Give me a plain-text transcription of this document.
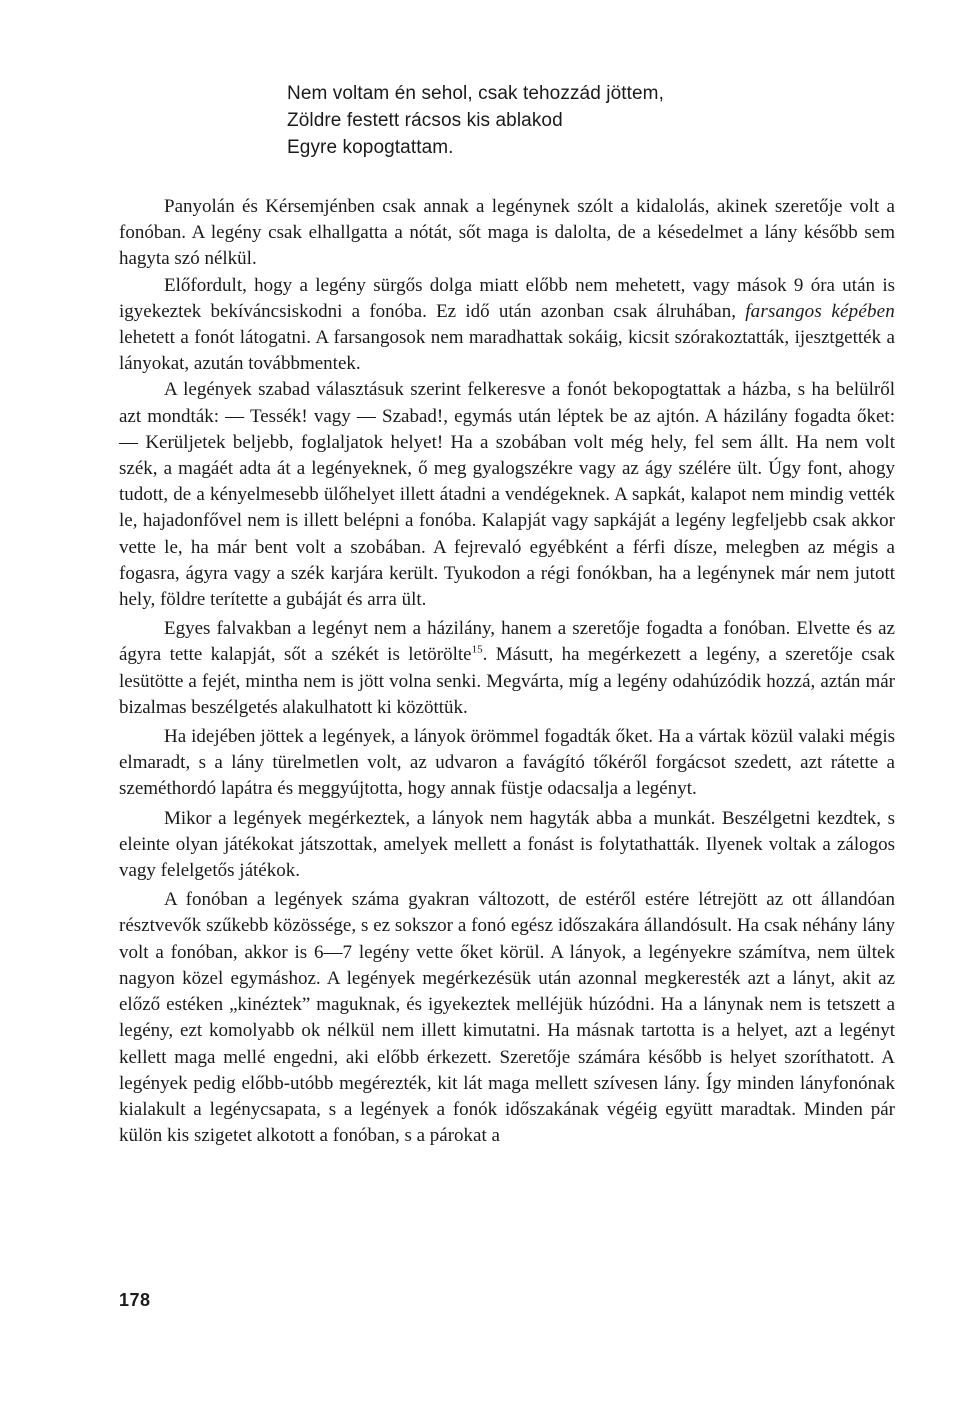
Nem voltam én sehol, csak tehozzád jöttem,
Zöldre festett rácsos kis ablakod
Egyre kopogtattam.

Panyolán és Kérsemjénben csak annak a legénynek szólt a kidalolás, akinek szeretője volt a fonóban. A legény csak elhallgatta a nótát, sőt maga is dalolta, de a késedelmet a lány később sem hagyta szó nélkül.

Előfordult, hogy a legény sürgős dolga miatt előbb nem mehetett, vagy mások 9 óra után is igyekeztek bekíváncsiskodni a fonóba. Ez idő után azonban csak álruhában, farsangos képében lehetett a fonót látogatni. A farsangosok nem maradhattak sokáig, kicsit szórakoztatták, ijesztgették a lányokat, azután továbbmentek.

A legények szabad választásuk szerint felkeresve a fonót bekopogtattak a házba, s ha belülről azt mondták: — Tessék! vagy — Szabad!, egymás után léptek be az ajtón. A házilány fogadta őket: — Kerüljetek beljebb, foglaljatok helyet! Ha a szobában volt még hely, fel sem állt. Ha nem volt szék, a magáét adta át a legényeknek, ő meg gyalogszékre vagy az ágy szélére ült. Úgy font, ahogy tudott, de a kényelmesebb ülőhelyet illett átadni a vendégeknek. A sapkát, kalapot nem mindig vették le, hajadonfővel nem is illett belépni a fonóba. Kalapját vagy sapkáját a legény legfeljebb csak akkor vette le, ha már bent volt a szobában. A fejrevaló egyébként a férfi dísze, melegben az mégis a fogasra, ágyra vagy a szék karjára került. Tyukodon a régi fonókban, ha a legénynek már nem jutott hely, földre terítette a gubáját és arra ült.

Egyes falvakban a legényt nem a házilány, hanem a szeretője fogadta a fonóban. Elvette és az ágyra tette kalapját, sőt a székét is letörölte$^{15}$. Másutt, ha megérkezett a legény, a szeretője csak lesütötte a fejét, mintha nem is jött volna senki. Megvárta, míg a legény odahúzódik hozzá, aztán már bizalmas beszélgetés alakulhatott ki közöttük.

Ha idejében jöttek a legények, a lányok örömmel fogadták őket. Ha a vártak közül valaki mégis elmaradt, s a lány türelmetlen volt, az udvaron a favágító tőkéről forgácsot szedett, azt rátette a szeméthordó lapátra és meggyújtotta, hogy annak füstje odacsalja a legényt.

Mikor a legények megérkeztek, a lányok nem hagyták abba a munkát. Beszélgetni kezdtek, s eleinte olyan játékokat játszottak, amelyek mellett a fonást is folytathatták. Ilyenek voltak a zálogos vagy felelgetős játékok.

A fonóban a legények száma gyakran változott, de estéről estére létrejött az ott állandóan résztvevők szűkebb közössége, s ez sokszor a fonó egész időszakára állandósult. Ha csak néhány lány volt a fonóban, akkor is 6—7 legény vette őket körül. A lányok, a legényekre számítva, nem ültek nagyon közel egymáshoz. A legények megérkezésük után azonnal megkeresték azt a lányt, akit az előző estéken „kinéztek” maguknak, és igyekeztek melléjük húzódni. Ha a lánynak nem is tetszett a legény, ezt komolyabb ok nélkül nem illett kimutatni. Ha másnak tartotta is a helyet, azt a legényt kellett maga mellé engedni, aki előbb érkezett. Szeretője számára később is helyet szoríthatott. A legények pedig előbb-utóbb megérezték, kit lát maga mellett szívesen lány. Így minden lányfonónak kialakult a legénycsapata, s a legények a fonók időszakának végéig együtt maradtak. Minden pár külön kis szigetet alkotott a fonóban, s a párokat a

178
